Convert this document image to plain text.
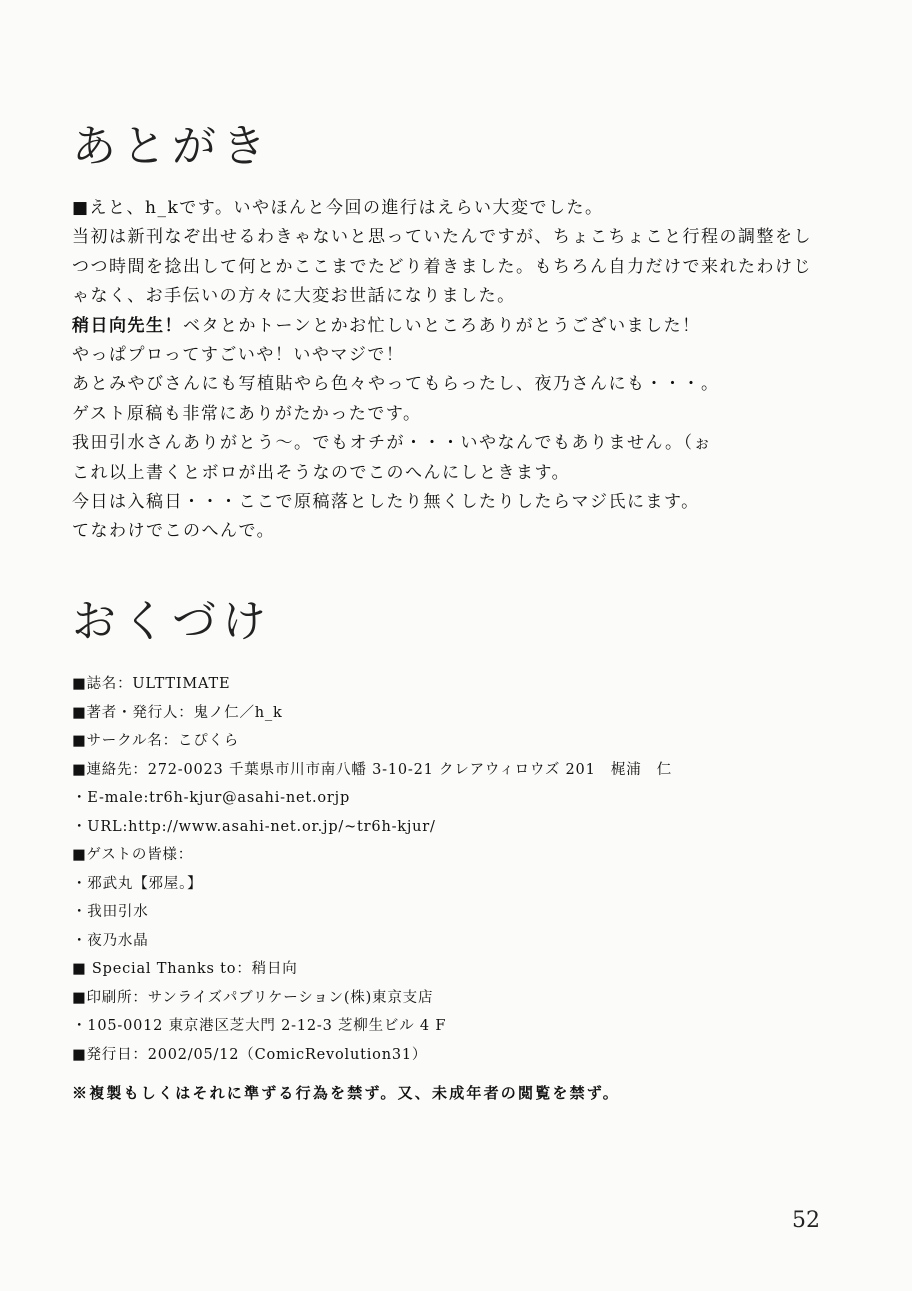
あとがき

■えと、h_kです。いやほんと今回の進行はえらい大変でした。

当初は新刊なぞ出せるわきゃないと思っていたんですが、ちょこちょこと行程の調整をし

つつ時間を捻出して何とかここまでたどり着きました。もちろん自力だけで来れたわけじ

ゃなく、お手伝いの方々に大変お世話になりました。

稍日向先生！ベタとかトーンとかお忙しいところありがとうございました！

やっぱプロってすごいや！いやマジで！

あとみやびさんにも写植貼やら色々やってもらったし、夜乃さんにも・・・。

ゲスト原稿も非常にありがたかったです。

我田引水さんありがとう～。でもオチが・・・いやなんでもありません。（ぉ

これ以上書くとボロが出そうなのでこのへんにしときます。

今日は入稿日・・・ここで原稿落としたり無くしたりしたらマジ氏にます。

てなわけでこのへんで。

おくづけ

■誌名：ULTTIMATE

■著者・発行人：鬼ノ仁／h_k

■サークル名：こぴくら

■連絡先：272-0023 千葉県市川市南八幡 3-10-21 クレアウィロウズ 201　梶浦　仁

・E-male:tr6h-kjur@asahi-net.orjp

・URL:http://www.asahi-net.or.jp/~tr6h-kjur/

■ゲストの皆様：

・邪武丸【邪屋。】

・我田引水

・夜乃水晶

■ Special Thanks to：稍日向

■印刷所：サンライズパブリケーション(株)東京支店

・105-0012 東京港区芝大門 2-12-3 芝柳生ビル 4 F

■発行日：2002/05/12（ComicRevolution31）

※複製もしくはそれに準ずる行為を禁ず。又、未成年者の閲覧を禁ず。
52
